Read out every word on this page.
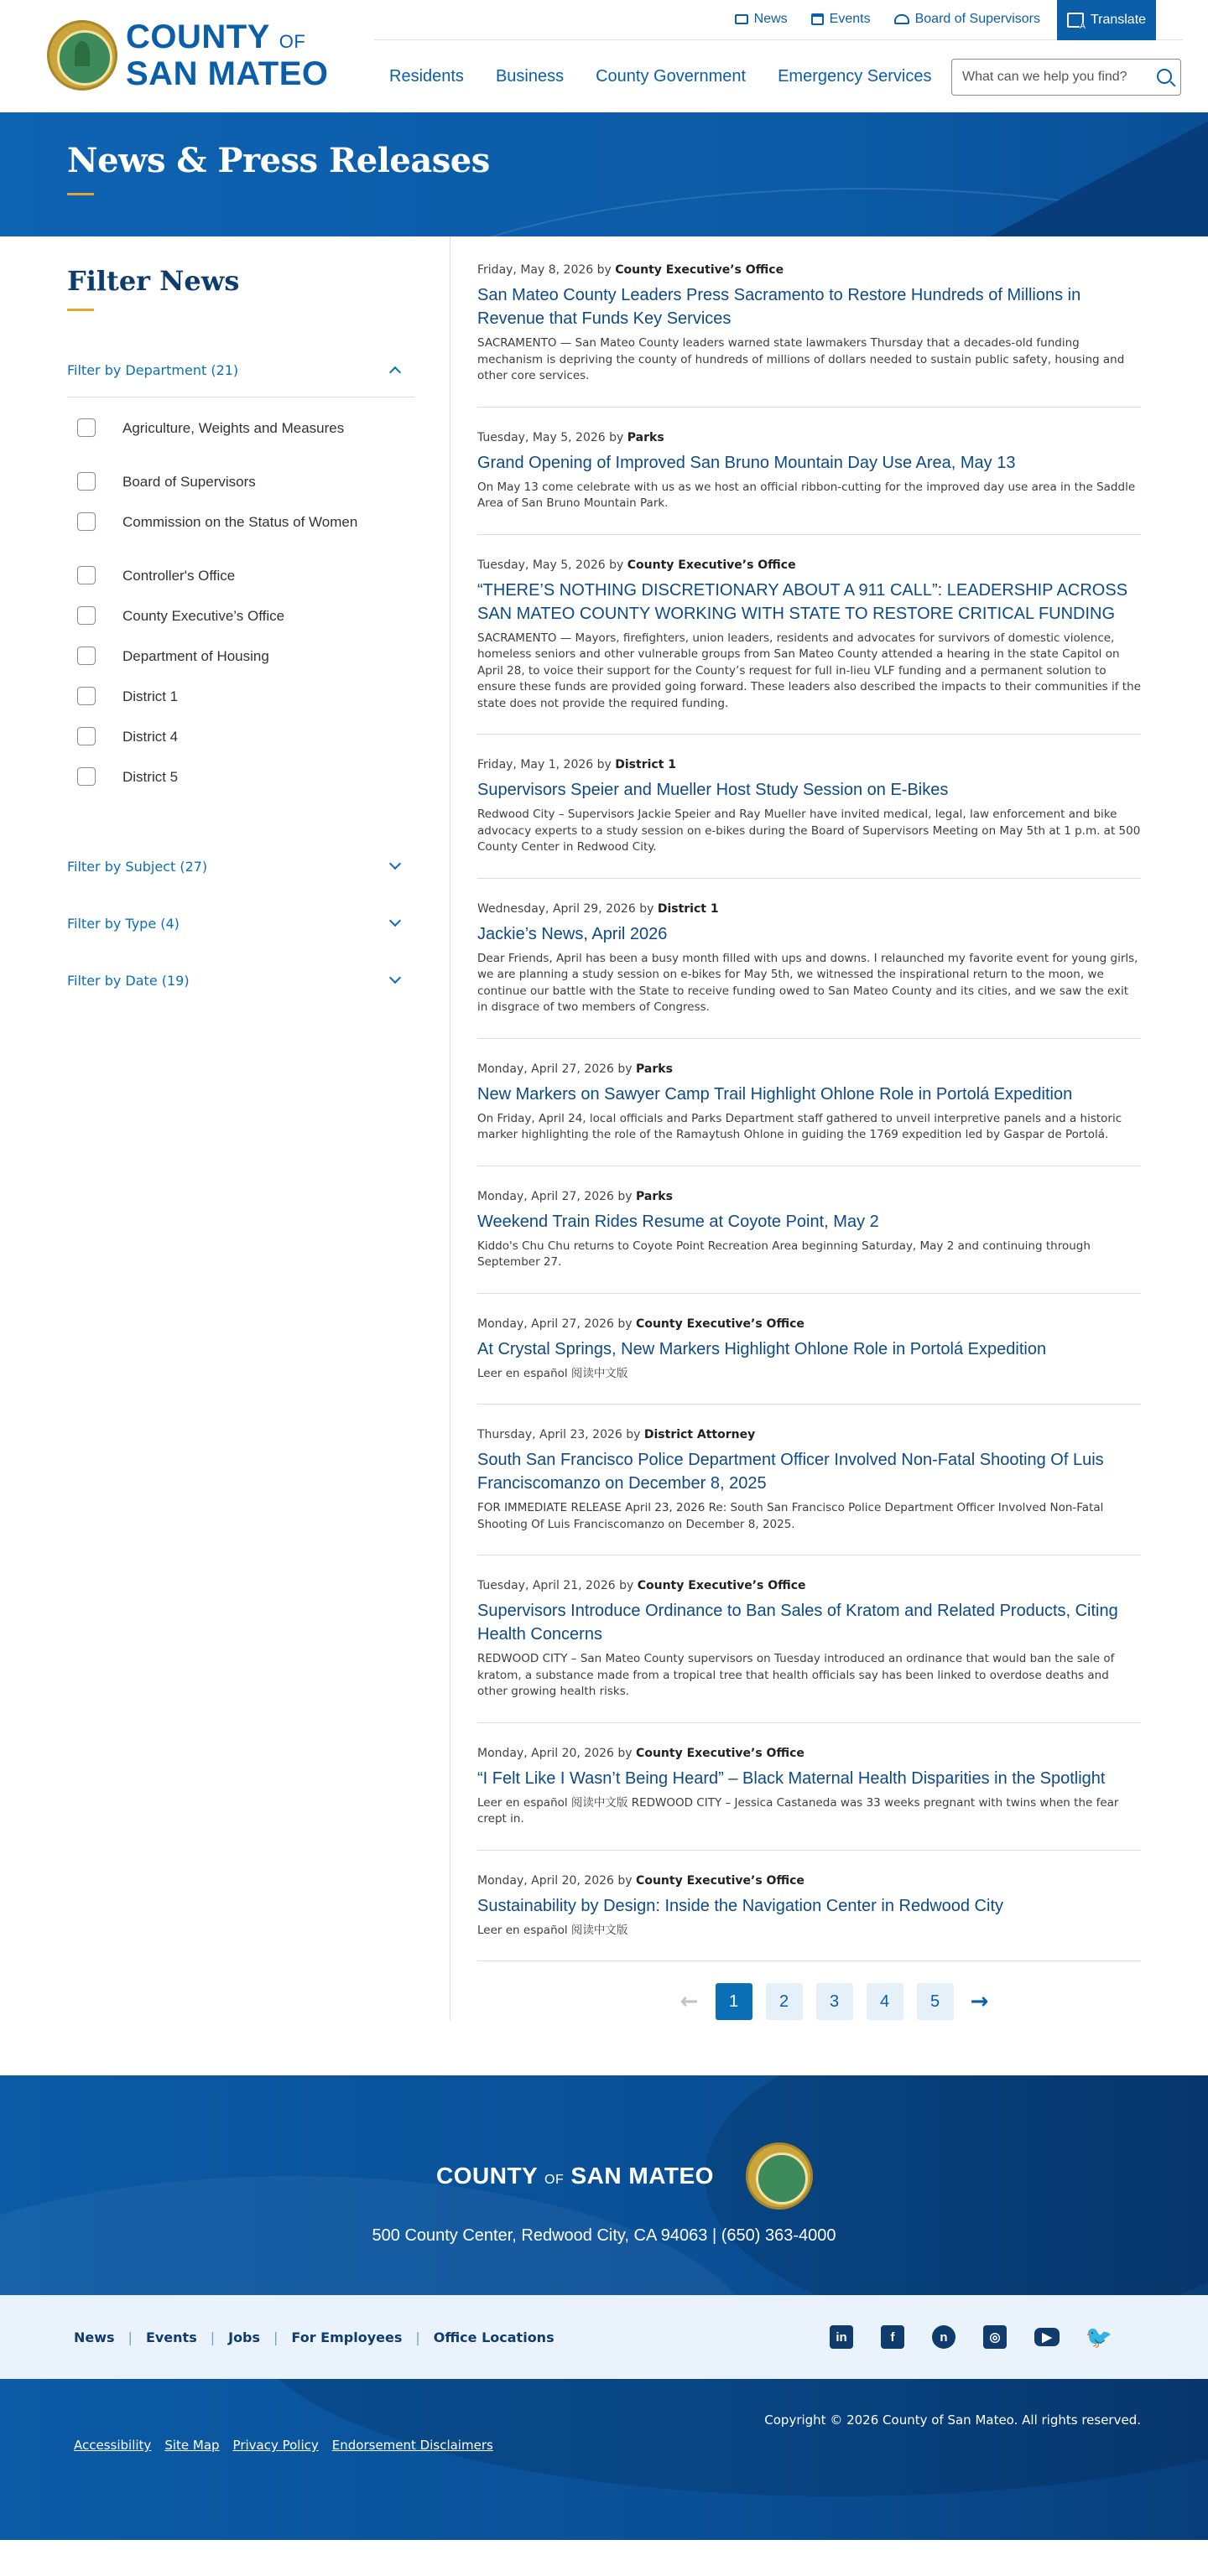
COUNTY OF
SAN MATEO
News	Events	Board of Supervisors
A	Translate
Residents Business County Government Emergency Services
What can we help you find?
News & Press Releases
Filter News
Filter by Department (21)
Agriculture, Weights and Measures
Board of Supervisors
Commission on the Status of Women
Controller's Office
County Executive’s Office
Department of Housing
District 1
District 4
District 5
Filter by Subject (27)
Filter by Type (4)
Filter by Date (19)
Friday, May 8, 2026 by County Executive’s Office
San Mateo County Leaders Press Sacramento to Restore Hundreds of Millions in Revenue that Funds Key Services

SACRAMENTO — San Mateo County leaders warned state lawmakers Thursday that a decades-old funding mechanism is depriving the county of hundreds of millions of dollars needed to sustain public safety, housing and other core services.

Tuesday, May 5, 2026 by Parks
Grand Opening of Improved San Bruno Mountain Day Use Area, May 13

On May 13 come celebrate with us as we host an official ribbon-cutting for the improved day use area in the Saddle Area of San Bruno Mountain Park.

Tuesday, May 5, 2026 by County Executive’s Office
“THERE’S NOTHING DISCRETIONARY ABOUT A 911 CALL”: LEADERSHIP ACROSS SAN MATEO COUNTY WORKING WITH STATE TO RESTORE CRITICAL FUNDING

SACRAMENTO — Mayors, firefighters, union leaders, residents and advocates for survivors of domestic violence, homeless seniors and other vulnerable groups from San Mateo County attended a hearing in the state Capitol on April 28, to voice their support for the County’s request for full in-lieu VLF funding and a permanent solution to ensure these funds are provided going forward. These leaders also described the impacts to their communities if the state does not provide the required funding.

Friday, May 1, 2026 by District 1
Supervisors Speier and Mueller Host Study Session on E-Bikes

Redwood City – Supervisors Jackie Speier and Ray Mueller have invited medical, legal, law enforcement and bike advocacy experts to a study session on e-bikes during the Board of Supervisors Meeting on May 5th at 1 p.m. at 500 County Center in Redwood City.

Wednesday, April 29, 2026 by District 1
Jackie’s News, April 2026

Dear Friends, April has been a busy month filled with ups and downs. I relaunched my favorite event for young girls, we are planning a study session on e-bikes for May 5th, we witnessed the inspirational return to the moon, we continue our battle with the State to receive funding owed to San Mateo County and its cities, and we saw the exit in disgrace of two members of Congress.

Monday, April 27, 2026 by Parks
New Markers on Sawyer Camp Trail Highlight Ohlone Role in Portolá Expedition

On Friday, April 24, local officials and Parks Department staff gathered to unveil interpretive panels and a historic marker highlighting the role of the Ramaytush Ohlone in guiding the 1769 expedition led by Gaspar de Portolá.

Monday, April 27, 2026 by Parks
Weekend Train Rides Resume at Coyote Point, May 2

Kiddo's Chu Chu returns to Coyote Point Recreation Area beginning Saturday, May 2 and continuing through September 27.

Monday, April 27, 2026 by County Executive’s Office
At Crystal Springs, New Markers Highlight Ohlone Role in Portolá Expedition

Leer en español 阅读中文版

Thursday, April 23, 2026 by District Attorney
South San Francisco Police Department Officer Involved Non-Fatal Shooting Of Luis Franciscomanzo on December 8, 2025

FOR IMMEDIATE RELEASE April 23, 2026 Re: South San Francisco Police Department Officer Involved Non-Fatal Shooting Of Luis Franciscomanzo on December 8, 2025.

Tuesday, April 21, 2026 by County Executive’s Office
Supervisors Introduce Ordinance to Ban Sales of Kratom and Related Products, Citing Health Concerns

REDWOOD CITY – San Mateo County supervisors on Tuesday introduced an ordinance that would ban the sale of kratom, a substance made from a tropical tree that health officials say has been linked to overdose deaths and other growing health risks.

Monday, April 20, 2026 by County Executive’s Office
“I Felt Like I Wasn’t Being Heard” – Black Maternal Health Disparities in the Spotlight

Leer en español 阅读中文版 REDWOOD CITY – Jessica Castaneda was 33 weeks pregnant with twins when the fear crept in.

Monday, April 20, 2026 by County Executive’s Office
Sustainability by Design: Inside the Navigation Center in Redwood City

Leer en español 阅读中文版

←	1	2	3	4	5	→
COUNTY OF SAN MATEO
500 County Center, Redwood City, CA 94063 | (650) 363-4000
News | Events | Jobs | For Employees | Office Locations	in	f	n	◎	▶	🐦
Accessibility Site Map Privacy Policy Endorsement Disclaimers
Copyright © 2026 County of San Mateo. All rights reserved.
